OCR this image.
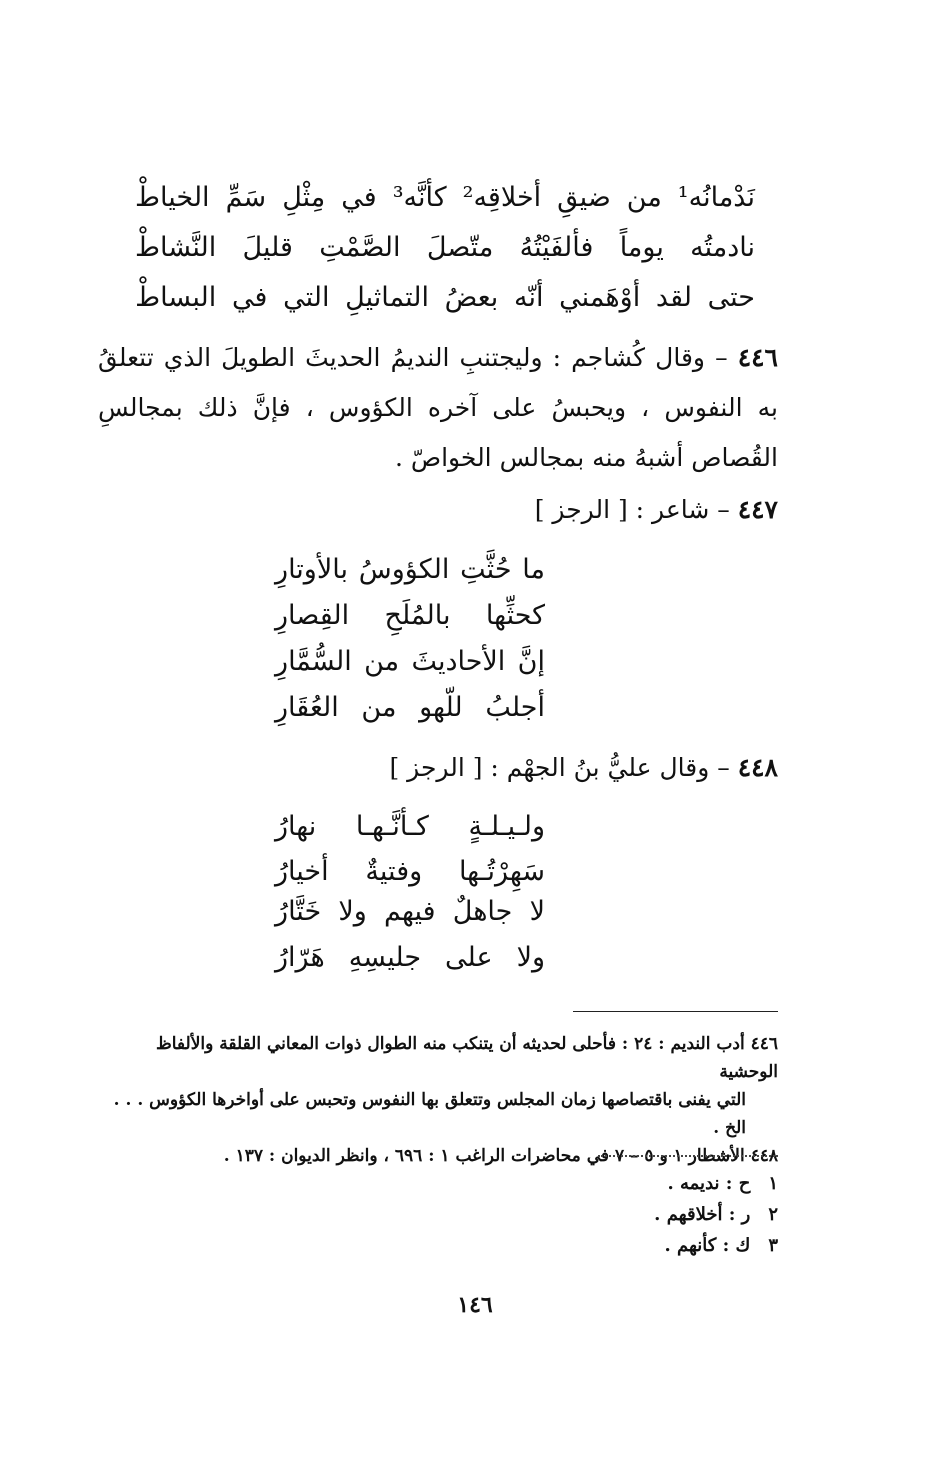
نَدْمانُه¹
من
ضيقِ
أخلاقِه²
كأنَّه³
في
مِثْلِ
سَمِّ
الخياطْ
نادمتُه
يوماً
فألفَيْتُهُ
متّصلَ
الصَّمْتِ
قليلَ
النَّشاطْ
حتى
لقد
أوْهَمني
أنّه
بعضُ
التماثيلِ
التي
في
البساطْ
٤٤٦ – وقال كُشاجم : وليجتنبِ النديمُ الحديثَ الطويلَ الذي تتعلقُ به النفوس ، ويحبسُ على آخره الكؤوس ، فإنَّ ذلك بمجالسِ القُصاص أشبهُ منه بمجالس الخواصّ .
٤٤٧ – شاعر : [ الرجز ]
ما
حُثَّتِ
الكؤوسُ
بالأوتارِ
كحثِّها
بالمُلَحِ
القِصارِ
إنَّ
الأحاديثَ
من
السُّمَّارِ
أجلبُ
للّهو
من
العُقَارِ
٤٤٨ – وقال عليُّ بنُ الجهْم : [ الرجز ]
ولـيـلـةٍ
كـأنَّـهـا
نهارُ
سَهِرْتُـها
وفتيةٌ
أخيارُ
لا
جاهلٌ
فيهم
ولا
خَتَّارُ
ولا
على
جليسِهِ
هَرّارُ
٤٤٦ أدب النديم : ٢٤ : فأحلى لحديثه أن يتنكب منه الطوال ذوات المعاني القلقة والألفاظ الوحشية
التي يفنى باقتصاصها زمان المجلس وتتعلق بها النفوس وتحبس على أواخرها الكؤوس . . . الخ .
٤٤٨ الأشطار ١ و ٥ – ٧ في محاضرات الراغب ١ : ٦٩٦ ، وانظر الديوان : ١٣٧ .
١
ح : نديمه .
٢
ر : أخلاقهم .
٣
ك : كأنهم .
١٤٦
